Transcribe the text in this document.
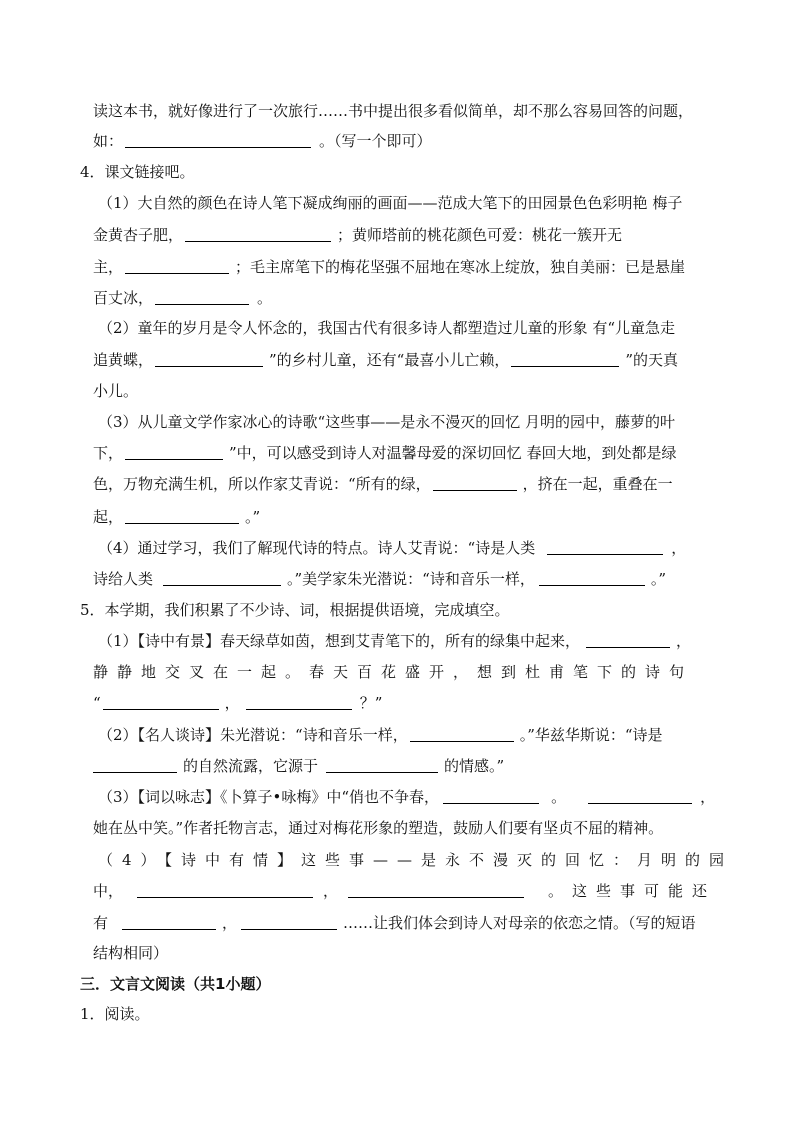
读这本书，就好像进行了一次旅行……书中提出很多看似简单，却不那么容易回答的问题，
如：	。（写一个即可）
4．课文链接吧。
（1）大自然的颜色在诗人笔下凝成绚丽的画面——范成大笔下的田园景色色彩明艳 梅子
金黄杏子肥，	；黄师塔前的桃花颜色可爱：桃花一簇开无
主，	；毛主席笔下的梅花坚强不屈地在寒冰上绽放，独自美丽：已是悬崖
百丈冰，	。
（2）童年的岁月是令人怀念的，我国古代有很多诗人都塑造过儿童的形象 有“儿童急走
追黄蝶，	”的乡村儿童，还有“最喜小儿亡赖，	”的天真
小儿。
（3）从儿童文学作家冰心的诗歌“这些事——是永不漫灭的回忆 月明的园中，藤萝的叶
下，	”中，可以感受到诗人对温馨母爱的深切回忆 春回大地，到处都是绿
色，万物充满生机，所以作家艾青说：“所有的绿，	，挤在一起，重叠在一
起，	。”
（4）通过学习，我们了解现代诗的特点。诗人艾青说：“诗是人类	，
诗给人类	。”美学家朱光潜说：“诗和音乐一样，	。”
5．本学期，我们积累了不少诗、词，根据提供语境，完成填空。
（1）【诗中有景】春天绿草如茵，想到艾青笔下的，所有的绿集中起来，	，
静静地交叉在一起。春天百花盛开，想到杜甫笔下的诗句
“	，	？”
（2）【名人谈诗】朱光潜说：“诗和音乐一样，	。”华兹华斯说：“诗是
的自然流露，它源于	的情感。”
（3）【词以咏志】《卜算子•咏梅》中“俏也不争春，	。	，
她在丛中笑。”作者托物言志，通过对梅花形象的塑造，鼓励人们要有坚贞不屈的精神。
（4）【诗中有情】这些事——是永不漫灭的回忆：月明的园
中，	，	。这些事可能还
有	，	……让我们体会到诗人对母亲的依恋之情。（写的短语
结构相同）
三．文言文阅读（共1小题）
1．阅读。
